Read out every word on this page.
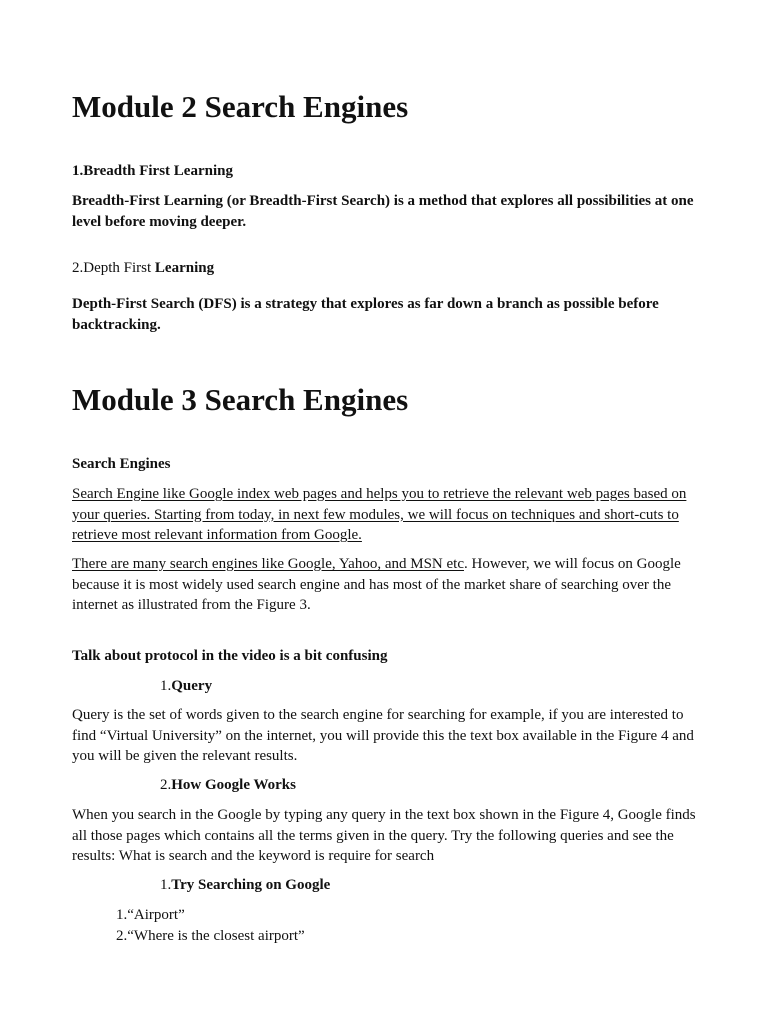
Module 2 Search Engines
1.Breadth First Learning
Breadth-First Learning (or Breadth-First Search) is a method that explores all possibilities at one level before moving deeper.
2.Depth First Learning
Depth-First Search (DFS) is a strategy that explores as far down a branch as possible before backtracking.
Module 3 Search Engines
Search Engines
Search Engine like Google index web pages and helps you to retrieve the relevant web pages based on your queries. Starting from today, in next few modules, we will focus on techniques and short-cuts to retrieve most relevant information from Google.
There are many search engines like Google, Yahoo, and MSN etc. However, we will focus on Google because it is most widely used search engine and has most of the market share of searching over the internet as illustrated from the Figure 3.
Talk about protocol in the video is a bit confusing
1.Query
Query is the set of words given to the search engine for searching for example, if you are interested to find “Virtual University” on the internet, you will provide this the text box available in the Figure 4 and you will be given the relevant results.
2.How Google Works
When you search in the Google by typing any query in the text box shown in the Figure 4, Google finds all those pages which contains all the terms given in the query. Try the following queries and see the results: What is search and the keyword is require for search
1.Try Searching on Google
1.“Airport”
2.“Where is the closest airport”
